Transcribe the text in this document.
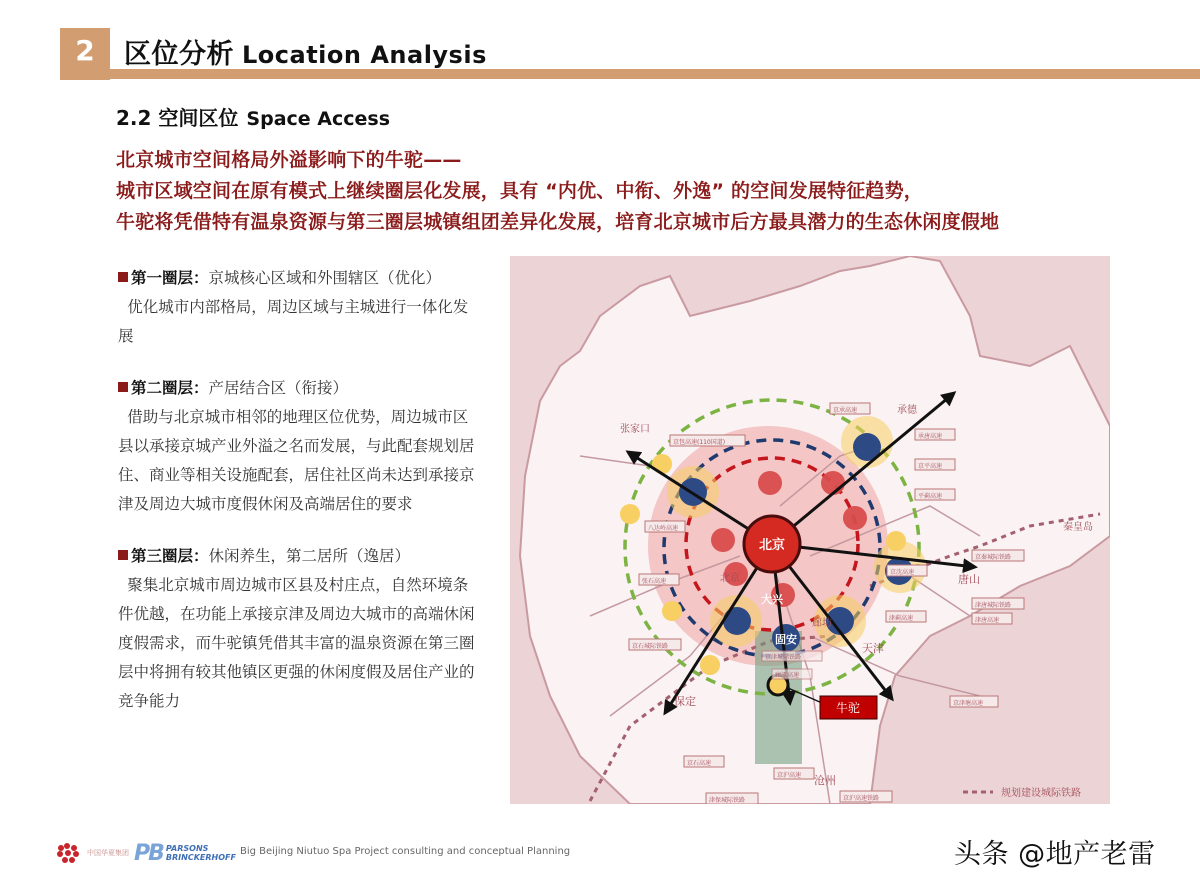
2 区位分析 Location Analysis
2.2 空间区位 Space Access
北京城市空间格局外溢影响下的牛驼——
城市区域空间在原有模式上继续圈层化发展，具有 “内优、中衔、外逸” 的空间发展特征趋势，
牛驼将凭借特有温泉资源与第三圈层城镇组团差异化发展，培育北京城市后方最具潜力的生态休闲度假地
第一圈层：京城核心区域和外围辖区（优化）
优化城市内部格局，周边区域与主城进行一体化发展
第二圈层：产居结合区（衔接）
借助与北京城市相邻的地理区位优势，周边城市区县以承接京城产业外溢之名而发展，与此配套规划居住、商业等相关设施配套，居住社区尚未达到承接京津及周边大城市度假休闲及高端居住的要求
第三圈层：休闲养生，第二居所（逸居）
聚集北京城市周边城市区县及村庄点，自然环境条件优越，在功能上承接京津及周边大城市的高端休闲度假需求，而牛驼镇凭借其丰富的温泉资源在第三圈层中将拥有较其他镇区更强的休闲度假及居住产业的竞争能力
北京
大兴
固安
牛驼
张家口
承德
唐山
保定
沧州
天津
廊坊
北京
秦皇岛
京包高速(110国道)
京承高速
承唐高速
京平高速
平蓟高速
八达岭高速
张石高速
京石城际铁路
京沈高速
京秦城际铁路
津蓟高速
津唐城际铁路
津唐高速
京津塘高速
京石高速
京沪高速
京沪高速铁路
津保城际铁路
京津城际铁路
廊涿高速
规划建设城际铁路
中国华夏集团 PB PARSONS
BRINCKERHOFF
Big Beijing Niutuo Spa Project consulting and conceptual Planning	头条 @地产老雷
